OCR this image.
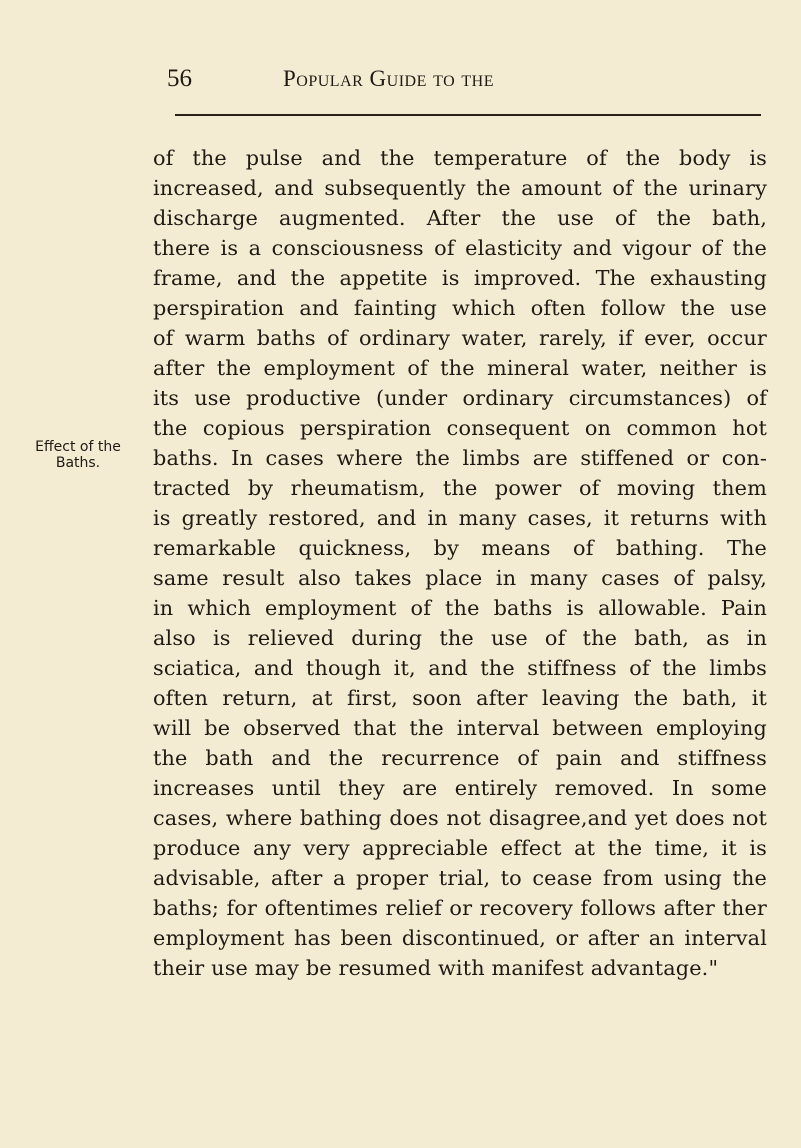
56	Popular Guide to the
Effect of the
Baths.
of the pulse and the temperature of the body is
increased, and subsequently the amount of the urinary
discharge augmented. After the use of the bath,
there is a consciousness of elasticity and vigour of the
frame, and the appetite is improved. The exhausting
perspiration and fainting which often follow the use
of warm baths of ordinary water, rarely, if ever, occur
after the employment of the mineral water, neither is
its use productive (under ordinary circumstances) of
the copious perspiration consequent on common hot
baths. In cases where the limbs are stiffened or con-
tracted by rheumatism, the power of moving them
is greatly restored, and in many cases, it returns with
remarkable quickness, by means of bathing. The
same result also takes place in many cases of palsy,
in which employment of the baths is allowable. Pain
also is relieved during the use of the bath, as in
sciatica, and though it, and the stiffness of the limbs
often return, at first, soon after leaving the bath, it
will be observed that the interval between employing
the bath and the recurrence of pain and stiffness
increases until they are entirely removed. In some
cases, where bathing does not disagree,and yet does not
produce any very appreciable effect at the time, it is
advisable, after a proper trial, to cease from using the
baths; for oftentimes relief or recovery follows after ther
employment has been discontinued, or after an interval
their use may be resumed with manifest advantage."
